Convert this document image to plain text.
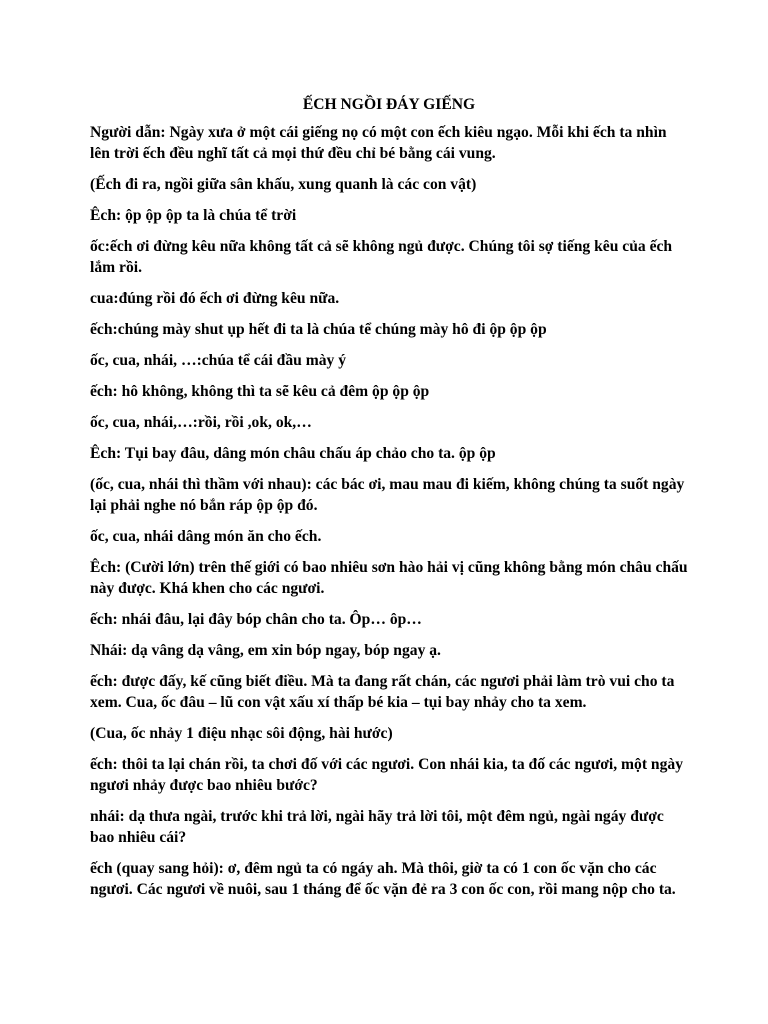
ẾCH NGỒI ĐÁY GIẾNG

Người dẫn: Ngày xưa ở một cái giếng nọ có một con ếch kiêu ngạo. Mỗi khi ếch ta nhìn lên trời ếch đều nghĩ tất cả mọi thứ đều chỉ bé bằng cái vung.

(Ếch đi ra, ngồi giữa sân khấu, xung quanh là các con vật)

Êch: ộp ộp ộp ta là chúa tể trời

ốc:ếch ơi đừng kêu nữa không tất cả sẽ không ngủ được. Chúng tôi sợ tiếng kêu của ếch lắm rồi.

cua:đúng rồi đó ếch ơi đừng kêu nữa.

ếch:chúng mày shut ụp hết đi ta là chúa tể chúng mày hô đi ộp ộp ộp

ốc, cua, nhái, …:chúa tể cái đầu mày ý

ếch: hô không, không thì ta sẽ kêu cả đêm ộp ộp ộp

ốc, cua, nhái,…:rồi, rồi ,ok, ok,…

Êch: Tụi bay đâu, dâng món châu chấu áp chảo cho ta. ộp ộp

(ốc, cua, nhái thì thầm với nhau): các bác ơi, mau mau đi kiếm, không chúng ta suốt ngày lại phải nghe nó bắn ráp ộp ộp đó.

ốc, cua, nhái dâng món ăn cho ếch.

Êch: (Cười lớn) trên thế giới có bao nhiêu sơn hào hải vị cũng không bằng món châu chấu này được. Khá khen cho các ngươi.

ếch: nhái đâu, lại đây bóp chân cho ta. Ôp… ôp…

Nhái: dạ vâng dạ vâng, em xin bóp ngay, bóp ngay ạ.

ếch: được đấy, kế cũng biết điều. Mà ta đang rất chán, các ngươi phải làm trò vui cho ta xem. Cua, ốc đâu – lũ con vật xấu xí thấp bé kia – tụi bay nhảy cho ta xem.

(Cua, ốc nhảy 1 điệu nhạc sôi động, hài hước)

ếch: thôi ta lại chán rồi, ta chơi đố với các ngươi. Con nhái kia, ta đố các ngươi, một ngày ngươi nhảy được bao nhiêu bước?

nhái: dạ thưa ngài, trước khi trả lời, ngài hãy trả lời tôi, một đêm ngủ, ngài ngáy được bao nhiêu cái?

ếch (quay sang hỏi): ơ, đêm ngủ ta có ngáy ah. Mà thôi, giờ ta có 1 con ốc vặn cho các ngươi. Các ngươi về nuôi, sau 1 tháng để ốc vặn đẻ ra 3 con ốc con, rồi mang nộp cho ta.
